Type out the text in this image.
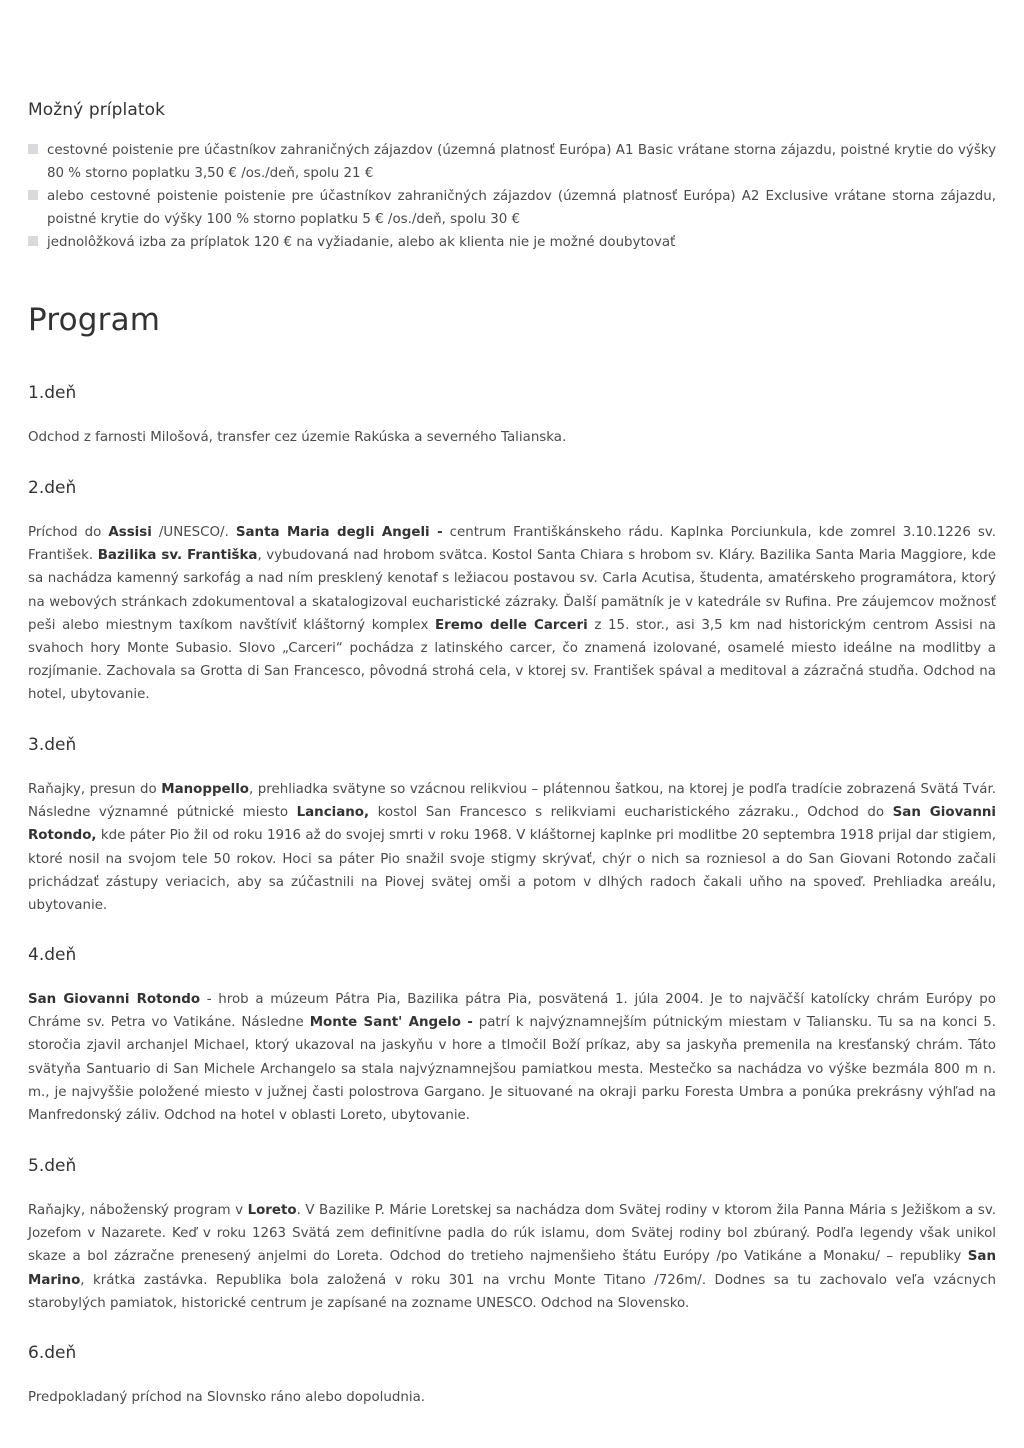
Možný príplatok
cestovné poistenie pre účastníkov zahraničných zájazdov (územná platnosť Európa) A1 Basic vrátane storna zájazdu, poistné krytie do výšky 80 % storno poplatku 3,50 € /os./deň, spolu 21 €
alebo cestovné poistenie poistenie pre účastníkov zahraničných zájazdov (územná platnosť Európa) A2 Exclusive vrátane storna zájazdu, poistné krytie do výšky 100 % storno poplatku 5 € /os./deň, spolu 30 €
jednolôžková izba za príplatok 120 € na vyžiadanie, alebo ak klienta nie je možné doubytovať
Program
1.deň

Odchod z farnosti Milošová, transfer cez územie Rakúska a severného Talianska.

2.deň

Príchod do Assisi /UNESCO/. Santa Maria degli Angeli - centrum Františkánskeho rádu. Kaplnka Porciunkula, kde zomrel 3.10.1226 sv. František. Bazilika sv. Františka, vybudovaná nad hrobom svätca. Kostol Santa Chiara s hrobom sv. Kláry. Bazilika Santa Maria Maggiore, kde sa nachádza kamenný sarkofág a nad ním presklený kenotaf s ležiacou postavou sv. Carla Acutisa, študenta, amatérskeho programátora, ktorý na webových stránkach zdokumentoval a skatalogizoval eucharistické zázraky. Ďalší pamätník je v katedrále sv Rufina. Pre záujemcov možnosť peši alebo miestnym taxíkom navštíviť kláštorný komplex Eremo delle Carceri z 15. stor., asi 3,5 km nad historickým centrom Assisi na svahoch hory Monte Subasio. Slovo „Carceri“ pochádza z latinského carcer, čo znamená izolované, osamelé miesto ideálne na modlitby a rozjímanie. Zachovala sa Grotta di San Francesco, pôvodná strohá cela, v ktorej sv. František spával a meditoval a zázračná studňa. Odchod na hotel, ubytovanie.

3.deň

Raňajky, presun do Manoppello, prehliadka svätyne so vzácnou relikviou – plátennou šatkou, na ktorej je podľa tradície zobrazená Svätá Tvár. Následne významné pútnické miesto Lanciano, kostol San Francesco s relikviami eucharistického zázraku., Odchod do San Giovanni Rotondo, kde páter Pio žil od roku 1916 až do svojej smrti v roku 1968. V kláštornej kaplnke pri modlitbe 20 septembra 1918 prijal dar stigiem, ktoré nosil na svojom tele 50 rokov. Hoci sa páter Pio snažil svoje stigmy skrývať, chýr o nich sa rozniesol a do San Giovani Rotondo začali prichádzať zástupy veriacich, aby sa zúčastnili na Piovej svätej omši a potom v dlhých radoch čakali uňho na spoveď. Prehliadka areálu, ubytovanie.

4.deň

San Giovanni Rotondo - hrob a múzeum Pátra Pia, Bazilika pátra Pia, posvätená 1. júla 2004. Je to najväčší katolícky chrám Európy po Chráme sv. Petra vo Vatikáne. Následne Monte Sant' Angelo - patrí k najvýznamnejším pútnickým miestam v Taliansku. Tu sa na konci 5. storočia zjavil archanjel Michael, ktorý ukazoval na jaskyňu v hore a tlmočil Boží príkaz, aby sa jaskyňa premenila na kresťanský chrám. Táto svätyňa Santuario di San Michele Archangelo sa stala najvýznamnejšou pamiatkou mesta. Mestečko sa nachádza vo výške bezmála 800 m n. m., je najvyššie položené miesto v južnej časti polostrova Gargano. Je situované na okraji parku Foresta Umbra a ponúka prekrásny výhľad na Manfredonský záliv. Odchod na hotel v oblasti Loreto, ubytovanie.

5.deň

Raňajky, náboženský program v Loreto. V Bazilike P. Márie Loretskej sa nachádza dom Svätej rodiny v ktorom žila Panna Mária s Ježiškom a sv. Jozefom v Nazarete. Keď v roku 1263 Svätá zem definitívne padla do rúk islamu, dom Svätej rodiny bol zbúraný. Podľa legendy však unikol skaze a bol zázračne prenesený anjelmi do Loreta. Odchod do tretieho najmenšieho štátu Európy /po Vatikáne a Monaku/ – republiky San Marino, krátka zastávka. Republika bola založená v roku 301 na vrchu Monte Titano /726m/. Dodnes sa tu zachovalo veľa vzácnych starobylých pamiatok, historické centrum je zapísané na zozname UNESCO. Odchod na Slovensko.

6.deň

Predpokladaný príchod na Slovnsko ráno alebo dopoludnia.
